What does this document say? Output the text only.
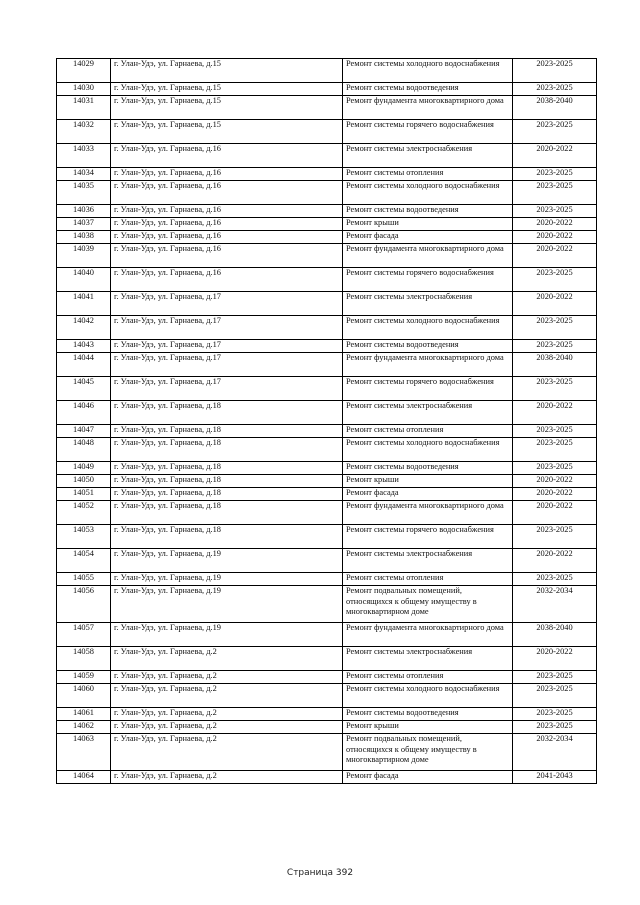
14029	г. Улан-Удэ, ул. Гарнаева, д.15	Ремонт системы холодного водоснабжения	2023-2025
14030	г. Улан-Удэ, ул. Гарнаева, д.15	Ремонт системы водоотведения	2023-2025
14031	г. Улан-Удэ, ул. Гарнаева, д.15	Ремонт фундамента многоквартирного дома	2038-2040
14032	г. Улан-Удэ, ул. Гарнаева, д.15	Ремонт системы горячего водоснабжения	2023-2025
14033	г. Улан-Удэ, ул. Гарнаева, д.16	Ремонт системы электроснабжения	2020-2022
14034	г. Улан-Удэ, ул. Гарнаева, д.16	Ремонт системы отопления	2023-2025
14035	г. Улан-Удэ, ул. Гарнаева, д.16	Ремонт системы холодного водоснабжения	2023-2025
14036	г. Улан-Удэ, ул. Гарнаева, д.16	Ремонт системы водоотведения	2023-2025
14037	г. Улан-Удэ, ул. Гарнаева, д.16	Ремонт крыши	2020-2022
14038	г. Улан-Удэ, ул. Гарнаева, д.16	Ремонт фасада	2020-2022
14039	г. Улан-Удэ, ул. Гарнаева, д.16	Ремонт фундамента многоквартирного дома	2020-2022
14040	г. Улан-Удэ, ул. Гарнаева, д.16	Ремонт системы горячего водоснабжения	2023-2025
14041	г. Улан-Удэ, ул. Гарнаева, д.17	Ремонт системы электроснабжения	2020-2022
14042	г. Улан-Удэ, ул. Гарнаева, д.17	Ремонт системы холодного водоснабжения	2023-2025
14043	г. Улан-Удэ, ул. Гарнаева, д.17	Ремонт системы водоотведения	2023-2025
14044	г. Улан-Удэ, ул. Гарнаева, д.17	Ремонт фундамента многоквартирного дома	2038-2040
14045	г. Улан-Удэ, ул. Гарнаева, д.17	Ремонт системы горячего водоснабжения	2023-2025
14046	г. Улан-Удэ, ул. Гарнаева, д.18	Ремонт системы электроснабжения	2020-2022
14047	г. Улан-Удэ, ул. Гарнаева, д.18	Ремонт системы отопления	2023-2025
14048	г. Улан-Удэ, ул. Гарнаева, д.18	Ремонт системы холодного водоснабжения	2023-2025
14049	г. Улан-Удэ, ул. Гарнаева, д.18	Ремонт системы водоотведения	2023-2025
14050	г. Улан-Удэ, ул. Гарнаева, д.18	Ремонт крыши	2020-2022
14051	г. Улан-Удэ, ул. Гарнаева, д.18	Ремонт фасада	2020-2022
14052	г. Улан-Удэ, ул. Гарнаева, д.18	Ремонт фундамента многоквартирного дома	2020-2022
14053	г. Улан-Удэ, ул. Гарнаева, д.18	Ремонт системы горячего водоснабжения	2023-2025
14054	г. Улан-Удэ, ул. Гарнаева, д.19	Ремонт системы электроснабжения	2020-2022
14055	г. Улан-Удэ, ул. Гарнаева, д.19	Ремонт системы отопления	2023-2025
14056	г. Улан-Удэ, ул. Гарнаева, д.19	Ремонт подвальных помещений, относящихся к общему имуществу в многоквартирном доме	2032-2034
14057	г. Улан-Удэ, ул. Гарнаева, д.19	Ремонт фундамента многоквартирного дома	2038-2040
14058	г. Улан-Удэ, ул. Гарнаева, д.2	Ремонт системы электроснабжения	2020-2022
14059	г. Улан-Удэ, ул. Гарнаева, д.2	Ремонт системы отопления	2023-2025
14060	г. Улан-Удэ, ул. Гарнаева, д.2	Ремонт системы холодного водоснабжения	2023-2025
14061	г. Улан-Удэ, ул. Гарнаева, д.2	Ремонт системы водоотведения	2023-2025
14062	г. Улан-Удэ, ул. Гарнаева, д.2	Ремонт крыши	2023-2025
14063	г. Улан-Удэ, ул. Гарнаева, д.2	Ремонт подвальных помещений, относящихся к общему имуществу в многоквартирном доме	2032-2034
14064	г. Улан-Удэ, ул. Гарнаева, д.2	Ремонт фасада	2041-2043
Страница 392
